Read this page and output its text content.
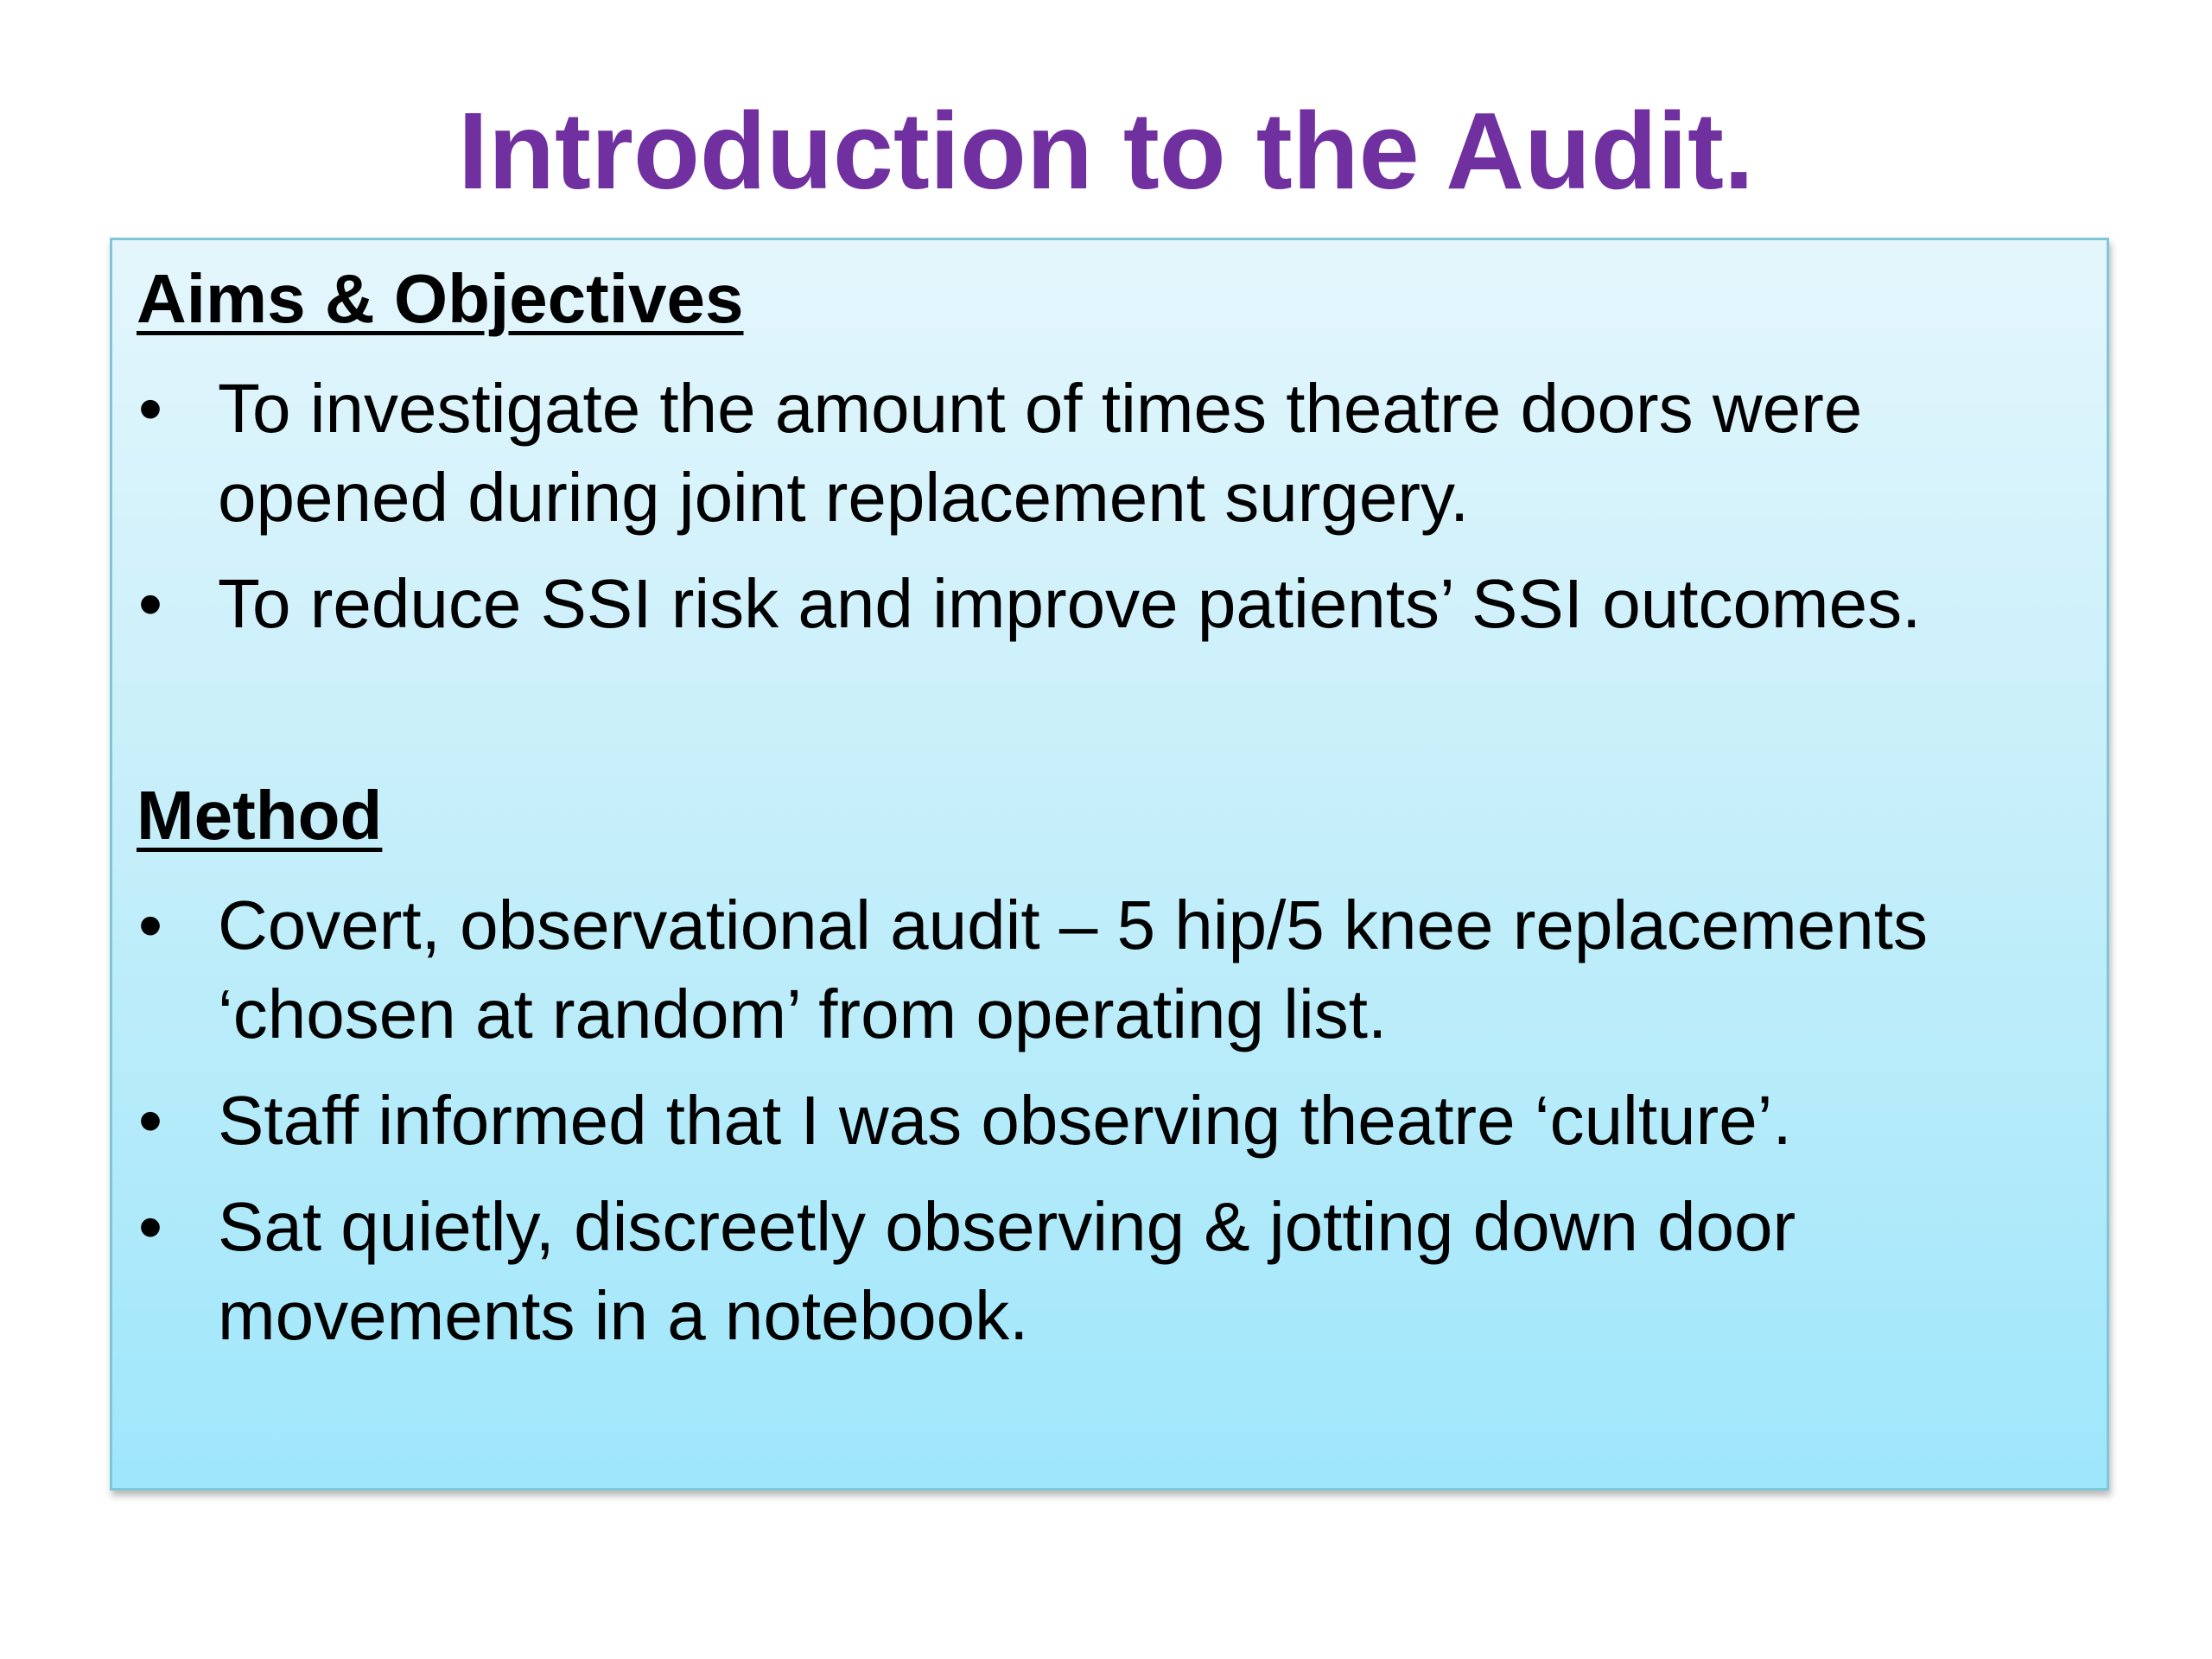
Introduction to the Audit.
Aims & Objectives
• To investigate the amount of times theatre doors were
opened during joint replacement surgery.
• To reduce SSI risk and improve patients’ SSI outcomes.
Method
• Covert, observational audit – 5 hip/5 knee replacements
‘chosen at random’ from operating list.
• Staff informed that I was observing theatre ‘culture’.
• Sat quietly, discreetly observing & jotting down door
movements in a notebook.
